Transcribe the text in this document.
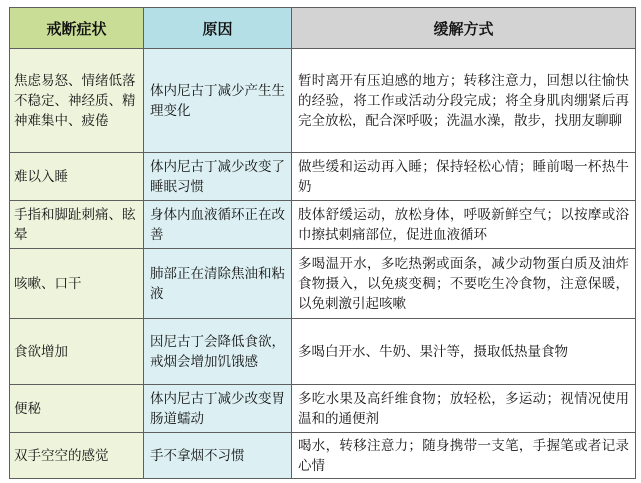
戒断症状	原因	缓解方式
焦虑易怒、情绪低落不稳定、神经质、精神难集中、疲倦	体内尼古丁减少产生生理变化	暂时离开有压迫感的地方；转移注意力，回想以往愉快的经验，将工作或活动分段完成；将全身肌肉绷紧后再完全放松，配合深呼吸；洗温水澡，散步，找朋友聊聊
难以入睡	体内尼古丁减少改变了睡眠习惯	做些缓和运动再入睡；保持轻松心情；睡前喝一杯热牛奶
手指和脚趾刺痛、眩晕	身体内血液循环正在改善	肢体舒缓运动，放松身体，呼吸新鲜空气；以按摩或浴巾擦拭刺痛部位，促进血液循环
咳嗽、口干	肺部正在清除焦油和粘液	多喝温开水，多吃热粥或面条，减少动物蛋白质及油炸食物摄入，以免痰变稠；不要吃生冷食物，注意保暖，以免刺激引起咳嗽
食欲增加	因尼古丁会降低食欲，戒烟会增加饥饿感	多喝白开水、牛奶、果汁等，摄取低热量食物
便秘	体内尼古丁减少改变胃肠道蠕动	多吃水果及高纤维食物；放轻松，多运动；视情况使用温和的通便剂
双手空空的感觉	手不拿烟不习惯	喝水，转移注意力；随身携带一支笔，手握笔或者记录心情
